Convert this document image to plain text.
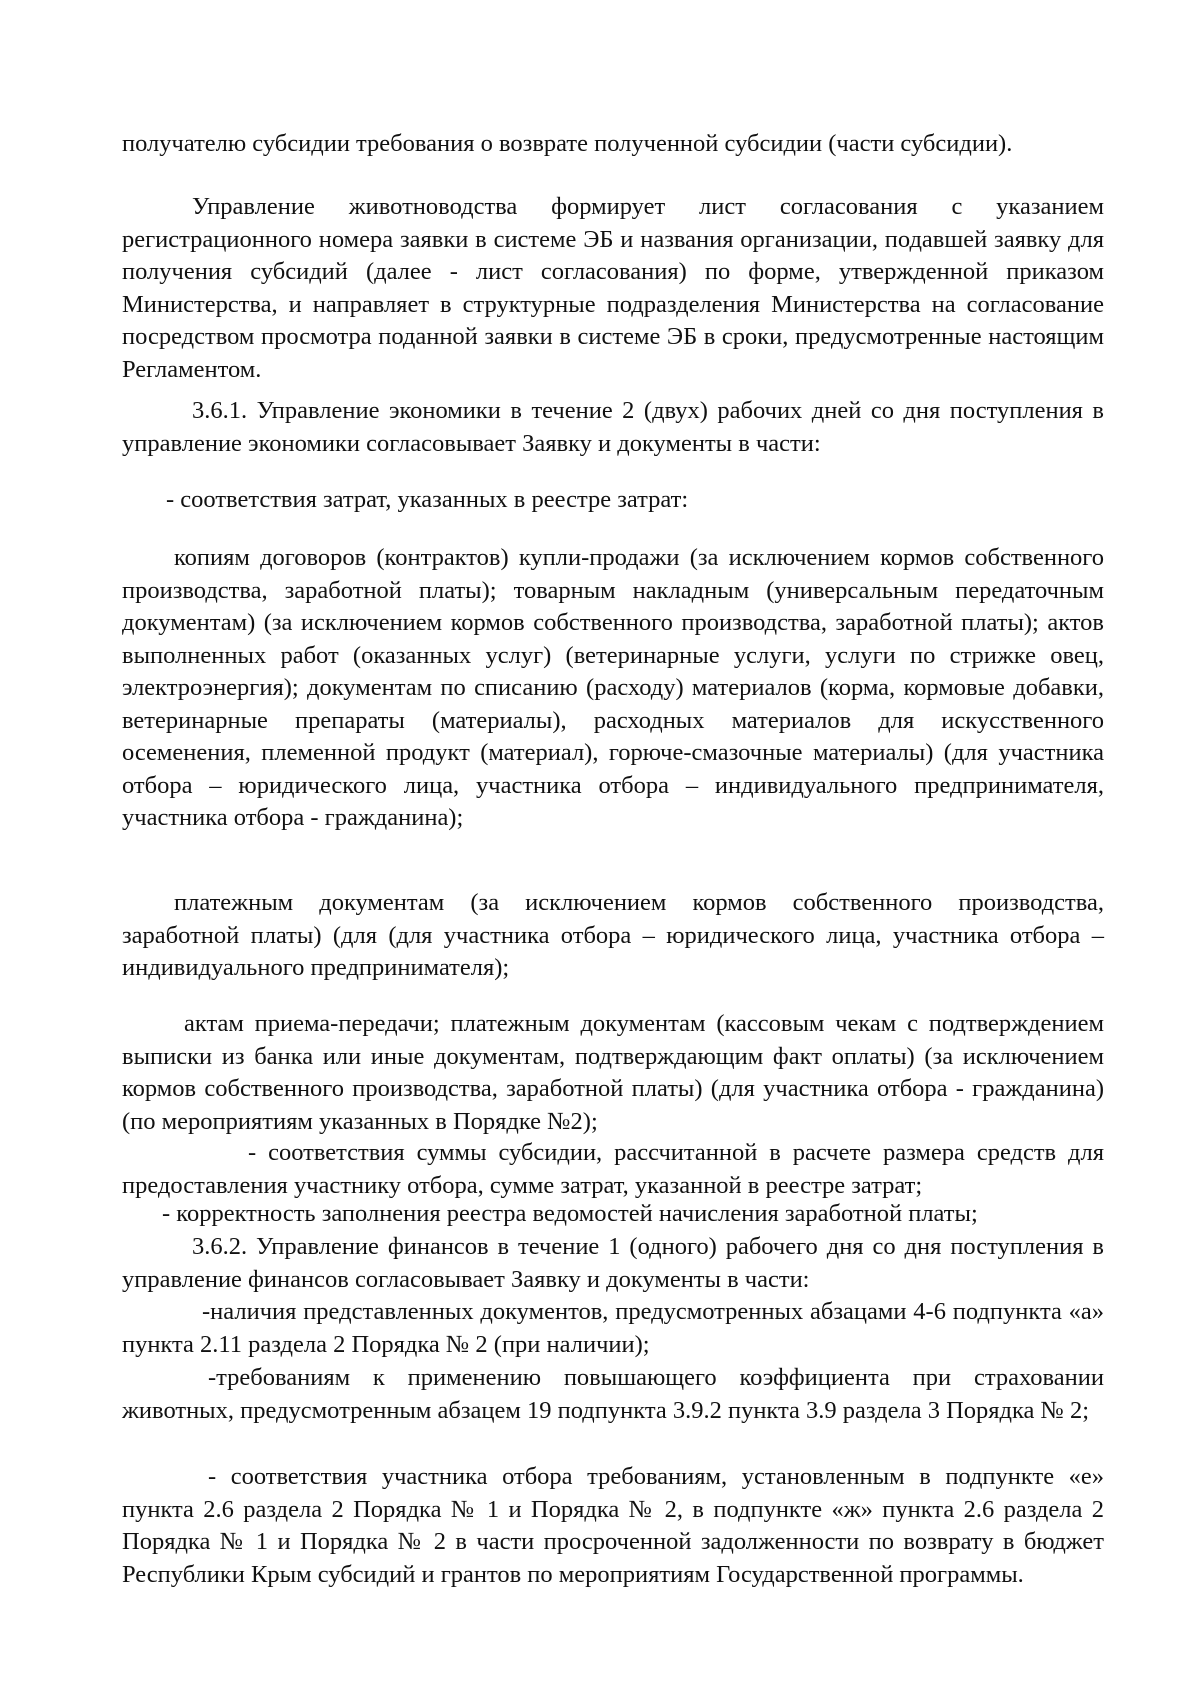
получателю субсидии требования о возврате полученной субсидии (части субсидии).

Управление животноводства формирует лист согласования с указанием регистрационного номера заявки в системе ЭБ и названия организации, подавшей заявку для получения субсидий (далее - лист согласования) по форме, утвержденной приказом Министерства, и направляет в структурные подразделения Министерства на согласование посредством просмотра поданной заявки в системе ЭБ в сроки, предусмотренные настоящим Регламентом.

3.6.1. Управление экономики в течение 2 (двух) рабочих дней со дня поступления в управление экономики согласовывает Заявку и документы в части:

- соответствия затрат, указанных в реестре затрат:

копиям договоров (контрактов) купли-продажи (за исключением кормов собственного производства, заработной платы); товарным накладным (универсальным передаточным документам) (за исключением кормов собственного производства, заработной платы); актов выполненных работ (оказанных услуг) (ветеринарные услуги, услуги по стрижке овец, электроэнергия); документам по списанию (расходу) материалов (корма, кормовые добавки, ветеринарные препараты (материалы), расходных материалов для искусственного осеменения, племенной продукт (материал), горюче-смазочные материалы) (для участника отбора – юридического лица, участника отбора – индивидуального предпринимателя, участника отбора - гражданина);

платежным документам (за исключением кормов собственного производства, заработной платы) (для (для участника отбора – юридического лица, участника отбора – индивидуального предпринимателя);

актам приема-передачи; платежным документам (кассовым чекам с подтверждением выписки из банка или иные документам, подтверждающим факт оплаты) (за исключением кормов собственного производства, заработной платы) (для участника отбора - гражданина) (по мероприятиям указанных в Порядке №2);

- соответствия суммы субсидии, рассчитанной в расчете размера средств для предоставления участнику отбора, сумме затрат, указанной в реестре затрат;

- корректность заполнения реестра ведомостей начисления заработной платы;

3.6.2. Управление финансов в течение 1 (одного) рабочего дня со дня поступления в управление финансов согласовывает Заявку и документы в части:

-наличия представленных документов, предусмотренных абзацами 4-6 подпункта «а» пункта 2.11 раздела 2 Порядка № 2 (при наличии);

-требованиям к применению повышающего коэффициента при страховании животных, предусмотренным абзацем 19 подпункта 3.9.2 пункта 3.9 раздела 3 Порядка № 2;

- соответствия участника отбора требованиям, установленным в подпункте «е» пункта 2.6 раздела 2 Порядка № 1 и Порядка № 2, в подпункте «ж» пункта 2.6 раздела 2 Порядка № 1 и Порядка № 2 в части просроченной задолженности по возврату в бюджет Республики Крым субсидий и грантов по мероприятиям Государственной программы.
